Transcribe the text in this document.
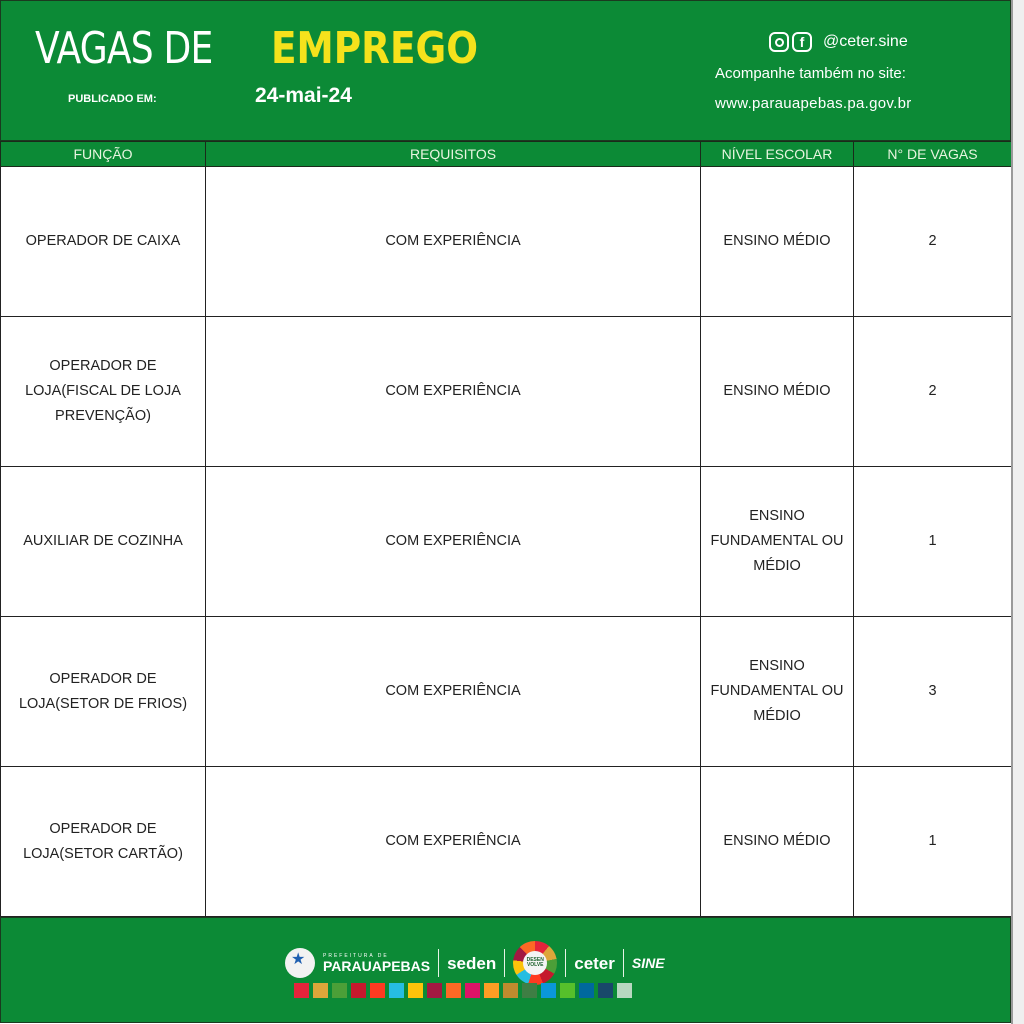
VAGAS DE EMPREGO
PUBLICADO EM:	24-mai-24
f	@ceter.sine
Acompanhe também no site:
www.parauapebas.pa.gov.br
FUNÇÃO	REQUISITOS	NÍVEL ESCOLAR	N° DE VAGAS
OPERADOR DE CAIXA	COM EXPERIÊNCIA	ENSINO MÉDIO	2
OPERADOR DE LOJA(FISCAL DE LOJA PREVENÇÃO)	COM EXPERIÊNCIA	ENSINO MÉDIO	2
AUXILIAR DE COZINHA	COM EXPERIÊNCIA	ENSINO FUNDAMENTAL OU MÉDIO	1
OPERADOR DE LOJA(SETOR DE FRIOS)	COM EXPERIÊNCIA	ENSINO FUNDAMENTAL OU MÉDIO	3
OPERADOR DE LOJA(SETOR CARTÃO)	COM EXPERIÊNCIA	ENSINO MÉDIO	1
★
PREFEITURA DE
PARAUAPEBAS seden	DESEN VOLVE ceter SINE
